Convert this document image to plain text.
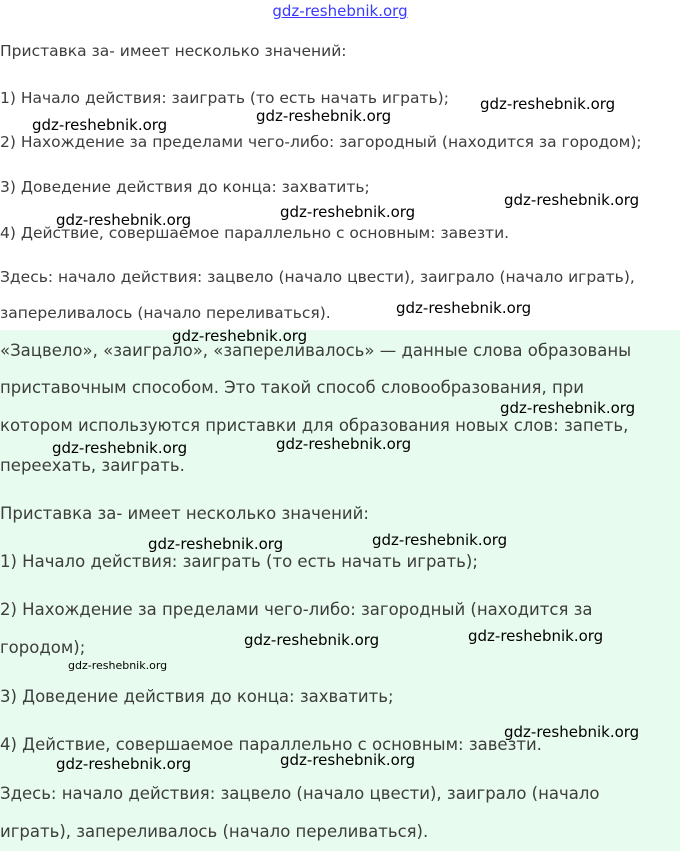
Приставка за- имеет несколько значений:
1) Начало действия: заиграть (то есть начать играть);
2) Нахождение за пределами чего-либо: загородный (находится за городом);
3) Доведение действия до конца: захватить;
4) Действие, совершаемое параллельно с основным: завезти.
Здесь: начало действия: зацвело (начало цвести), заиграло (начало играть),
запереливалось (начало переливаться).
«Зацвело», «заиграло», «запереливалось» — данные слова образованы
приставочным способом. Это такой способ словообразования, при
котором используются приставки для образования новых слов: запеть,
переехать, заиграть.
Приставка за- имеет несколько значений:
1) Начало действия: заиграть (то есть начать играть);
2) Нахождение за пределами чего-либо: загородный (находится за
городом);
3) Доведение действия до конца: захватить;
4) Действие, совершаемое параллельно с основным: завезти.
Здесь: начало действия: зацвело (начало цвести), заиграло (начало
играть), запереливалось (начало переливаться).
gdz-reshebnik.org
gdz-reshebnik.org
gdz-reshebnik.org
gdz-reshebnik.org
gdz-reshebnik.org
gdz-reshebnik.org
gdz-reshebnik.org
gdz-reshebnik.org
gdz-reshebnik.org
gdz-reshebnik.org
gdz-reshebnik.org
gdz-reshebnik.org
gdz-reshebnik.org
gdz-reshebnik.org
gdz-reshebnik.org
gdz-reshebnik.org
gdz-reshebnik.org
gdz-reshebnik.org
gdz-reshebnik.org
gdz-reshebnik.org
